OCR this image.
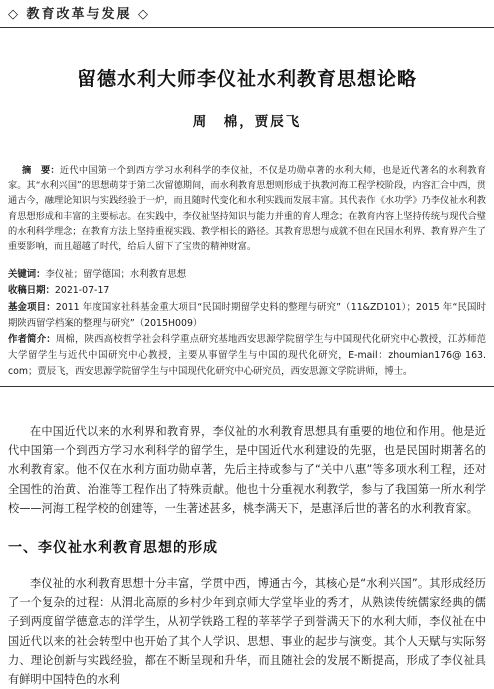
◇ 教育改革与发展 ◇
留德水利大师李仪祉水利教育思想论略
周　棉，贾辰飞

摘　要：近代中国第一个到西方学习水利科学的李仪祉，不仅是功勋卓著的水利大师，也是近代著名的水利教育家。其“水利兴国”的思想萌芽于第二次留德期间，而水利教育思想则形成于执教河海工程学校阶段，内容汇合中西，贯通古今，融理论知识与实践经验于一炉，而且随时代变化和水利实践而发展丰富。其代表作《水功学》乃李仪祉水利教育思想形成和丰富的主要标志。在实践中，李仪祉坚持知识与能力并重的育人理念；在教育内容上坚持传统与现代合璧的水利科学理念；在教育方法上坚持重视实践、教学相长的路径。其教育思想与成就不但在民国水利界、教育界产生了重要影响，而且超越了时代，给后人留下了宝贵的精神财富。

关键词：李仪祉；留学德国；水利教育思想
收稿日期：2021-07-17
基金项目：2011 年度国家社科基金重大项目“民国时期留学史料的整理与研究”（11&ZD101）；2015 年“民国时期陕西留学档案的整理与研究”（2015H009）
作者简介：周棉，陕西高校哲学社会科学重点研究基地西安思源学院留学生与中国现代化研究中心教授，江苏师范大学留学生与近代中国研究中心教授，主要从事留学生与中国的现代化研究，E-mail：zhoumian176@ 163. com；贾辰飞，西安思源学院留学生与中国现代化研究中心研究员，西安思源文学院讲师，博士。

在中国近代以来的水利界和教育界，李仪祉的水利教育思想具有重要的地位和作用。他是近代中国第一个到西方学习水利科学的留学生，是中国近代水利建设的先驱，也是民国时期著名的水利教育家。他不仅在水利方面功勋卓著，先后主持或参与了“关中八惠”等多项水利工程，还对全国性的治黄、治淮等工程作出了特殊贡献。他也十分重视水利教学，参与了我国第一所水利学校——河海工程学校的创建等，一生著述甚多，桃李满天下，是惠泽后世的著名的水利教育家。

一、李仪祉水利教育思想的形成

李仪祉的水利教育思想十分丰富，学贯中西，博通古今，其核心是“水利兴国”。其形成经历了一个复杂的过程：从渭北高原的乡村少年到京师大学堂毕业的秀才，从熟读传统儒家经典的儒子到两度留学德意志的洋学生，从初学铁路工程的莘莘学子到誉满天下的水利大师，李仪祉在中国近代以来的社会转型中也开始了其个人学识、思想、事业的起步与演变。其个人天赋与实际努力、理论创新与实践经验，都在不断呈现和升华，而且随社会的发展不断提高，形成了李仪祉具有鲜明中国特色的水利
